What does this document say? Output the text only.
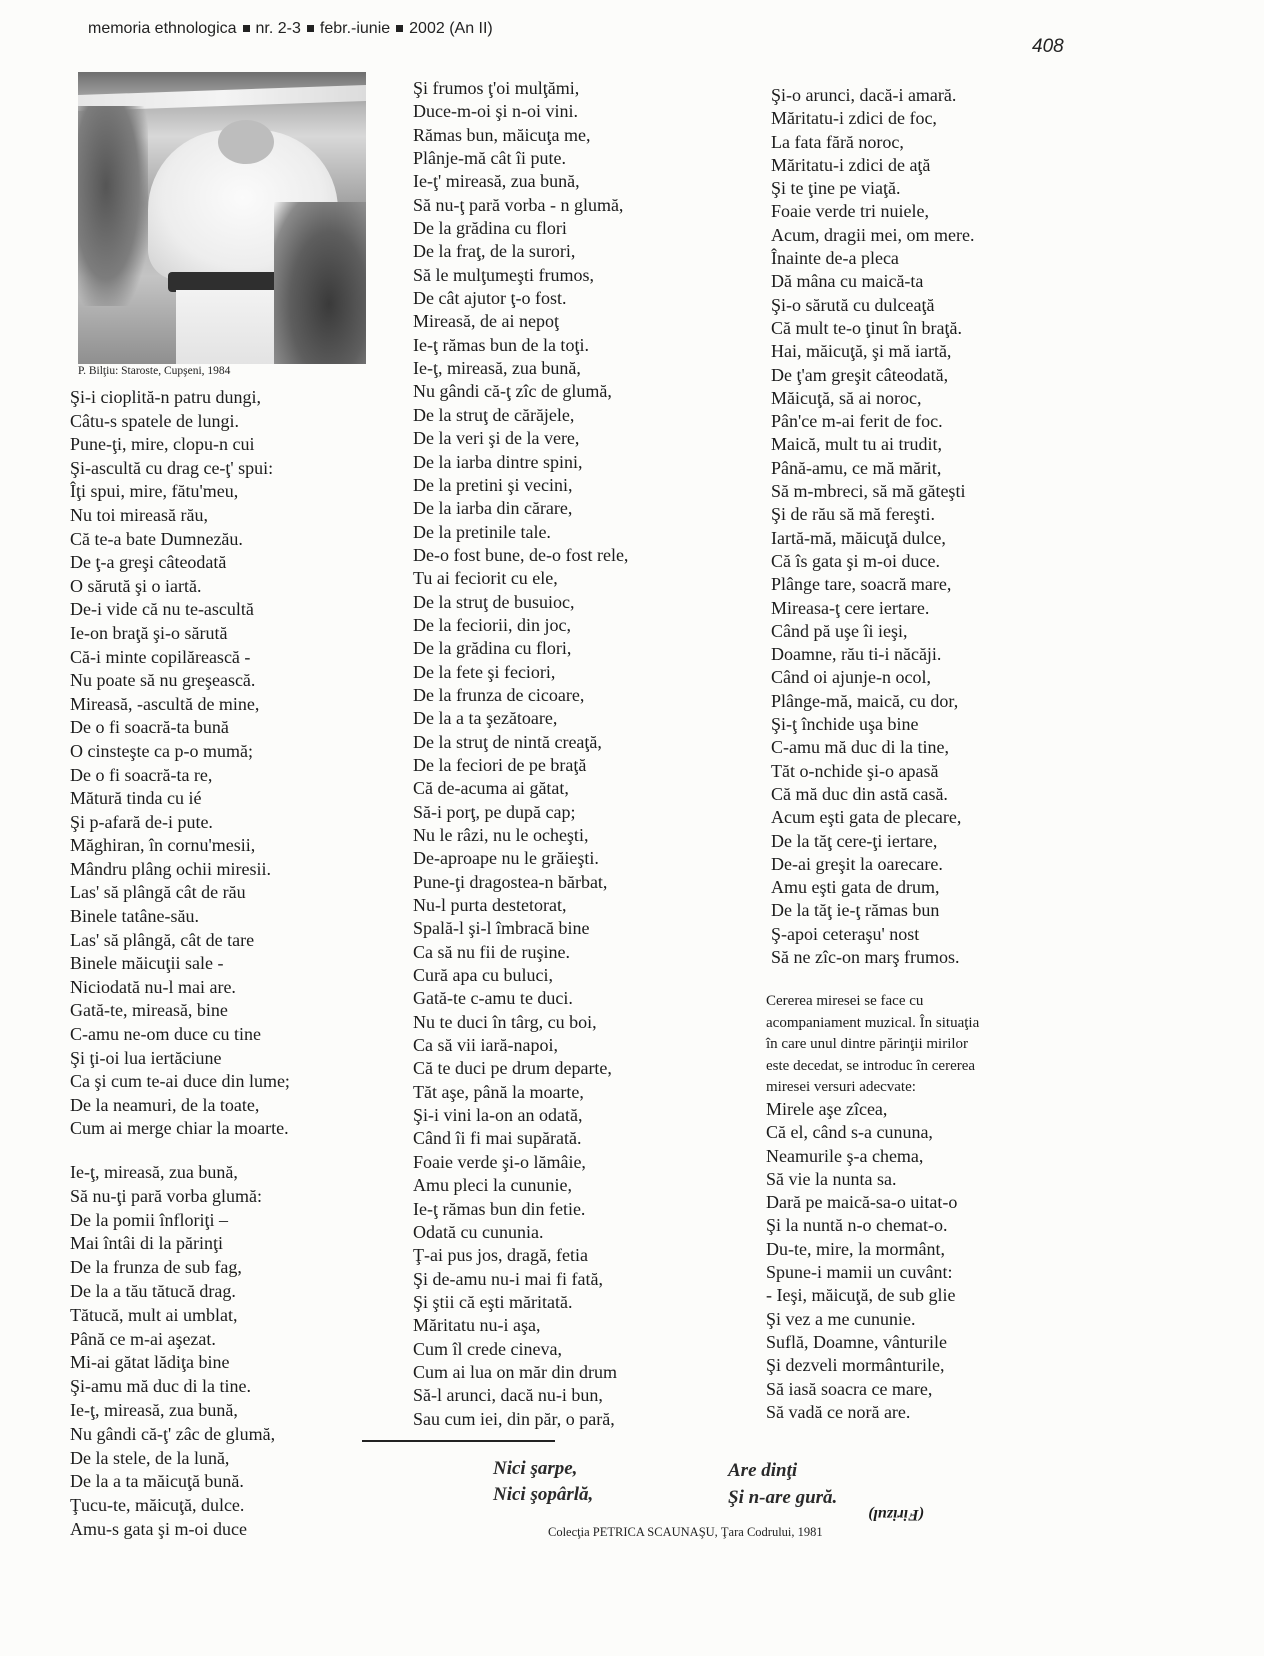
memoria ethnologica nr. 2-3 febr.-iunie 2002 (An II)
408
P. Bilţiu: Staroste, Cupşeni, 1984
Şi-i cioplită-n patru dungi,
Câtu-s spatele de lungi.
Pune-ţi, mire, clopu-n cui
Şi-ascultă cu drag ce-ţ' spui:
Îţi spui, mire, fătu'meu,
Nu toi mireasă rău,
Că te-a bate Dumnezău.
De ţ-a greşi câteodată
O sărută şi o iartă.
De-i vide că nu te-ascultă
Ie-on braţă şi-o sărută
Că-i minte copilărească -
Nu poate să nu greşească.
Mireasă, -ascultă de mine,
De o fi soacră-ta bună
O cinsteşte ca p-o mumă;
De o fi soacră-ta re,
Mătură tinda cu ié
Şi p-afară de-i pute.
Măghiran, în cornu'mesii,
Mândru plâng ochii miresii.
Las' să plângă cât de rău
Binele tatâne-său.
Las' să plângă, cât de tare
Binele măicuţii sale -
Niciodată nu-l mai are.
Gată-te, mireasă, bine
C-amu ne-om duce cu tine
Şi ţi-oi lua iertăciune
Ca şi cum te-ai duce din lume;
De la neamuri, de la toate,
Cum ai merge chiar la moarte.
Ie-ţ, mireasă, zua bună,
Să nu-ţi pară vorba glumă:
De la pomii înfloriţi –
Mai întâi di la părinţi
De la frunza de sub fag,
De la a tău tătucă drag.
Tătucă, mult ai umblat,
Până ce m-ai aşezat.
Mi-ai gătat lădiţa bine
Şi-amu mă duc di la tine.
Ie-ţ, mireasă, zua bună,
Nu gândi că-ţ' zâc de glumă,
De la stele, de la lună,
De la a ta măicuţă bună.
Ţucu-te, măicuţă, dulce.
Amu-s gata şi m-oi duce
Şi frumos ţ'oi mulţămi,
Duce-m-oi şi n-oi vini.
Rămas bun, măicuţa me,
Plânje-mă cât îi pute.
Ie-ţ' mireasă, zua bună,
Să nu-ţ pară vorba - n glumă,
De la grădina cu flori
De la fraţ, de la surori,
Să le mulţumeşti frumos,
De cât ajutor ţ-o fost.
Mireasă, de ai nepoţ
Ie-ţ rămas bun de la toţi.
Ie-ţ, mireasă, zua bună,
Nu gândi că-ţ zîc de glumă,
De la struţ de cărăjele,
De la veri şi de la vere,
De la iarba dintre spini,
De la pretini şi vecini,
De la iarba din cărare,
De la pretinile tale.
De-o fost bune, de-o fost rele,
Tu ai feciorit cu ele,
De la struţ de busuioc,
De la feciorii, din joc,
De la grădina cu flori,
De la fete şi feciori,
De la frunza de cicoare,
De la a ta şezătoare,
De la struţ de nintă creaţă,
De la feciori de pe braţă
Că de-acuma ai gătat,
Să-i porţ, pe după cap;
Nu le râzi, nu le ocheşti,
De-aproape nu le grăieşti.
Pune-ţi dragostea-n bărbat,
Nu-l purta destetorat,
Spală-l şi-l îmbracă bine
Ca să nu fii de ruşine.
Cură apa cu buluci,
Gată-te c-amu te duci.
Nu te duci în târg, cu boi,
Ca să vii iară-napoi,
Că te duci pe drum departe,
Tăt aşe, până la moarte,
Şi-i vini la-on an odată,
Când îi fi mai supărată.
Foaie verde şi-o lămâie,
Amu pleci la cununie,
Ie-ţ rămas bun din fetie.
Odată cu cununia.
Ţ-ai pus jos, dragă, fetia
Şi de-amu nu-i mai fi fată,
Şi ştii că eşti măritată.
Măritatu nu-i aşa,
Cum îl crede cineva,
Cum ai lua on măr din drum
Să-l arunci, dacă nu-i bun,
Sau cum iei, din păr, o pară,
Şi-o arunci, dacă-i amară.
Măritatu-i zdici de foc,
La fata fără noroc,
Măritatu-i zdici de aţă
Şi te ţine pe viaţă.
Foaie verde tri nuiele,
Acum, dragii mei, om mere.
Înainte de-a pleca
Dă mâna cu maică-ta
Şi-o sărută cu dulceaţă
Că mult te-o ţinut în braţă.
Hai, măicuţă, şi mă iartă,
De ţ'am greşit câteodată,
Măicuţă, să ai noroc,
Pân'ce m-ai ferit de foc.
Maică, mult tu ai trudit,
Până-amu, ce mă mărit,
Să m-mbreci, să mă găteşti
Şi de rău să mă fereşti.
Iartă-mă, măicuţă dulce,
Că îs gata şi m-oi duce.
Plânge tare, soacră mare,
Mireasa-ţ cere iertare.
Când pă uşe îi ieşi,
Doamne, rău ti-i năcăji.
Când oi ajunje-n ocol,
Plânge-mă, maică, cu dor,
Şi-ţ închide uşa bine
C-amu mă duc di la tine,
Tăt o-nchide şi-o apasă
Că mă duc din astă casă.
Acum eşti gata de plecare,
De la tăţ cere-ţi iertare,
De-ai greşit la oarecare.
Amu eşti gata de drum,
De la tăţ ie-ţ rămas bun
Ş-apoi ceteraşu' nost
Să ne zîc-on marş frumos.
Cererea miresei se face cu
acompaniament muzical. În situaţia
în care unul dintre părinţii mirilor
este decedat, se introduc în cererea
miresei versuri adecvate:
Mirele aşe zîcea,
Că el, când s-a cununa,
Neamurile ş-a chema,
Să vie la nunta sa.
Dară pe maică-sa-o uitat-o
Şi la nuntă n-o chemat-o.
Du-te, mire, la mormânt,
Spune-i mamii un cuvânt:
- Ieşi, măicuţă, de sub glie
Şi vez a me cununie.
Suflă, Doamne, vânturile
Şi dezveli mormânturile,
Să iasă soacra ce mare,
Să vadă ce noră are.
Nici şarpe,
Nici şopârlă,
Are dinţi
Şi n-are gură.
(Firizul)
Colecţia PETRICA SCAUNAŞU, Ţara Codrului, 1981
